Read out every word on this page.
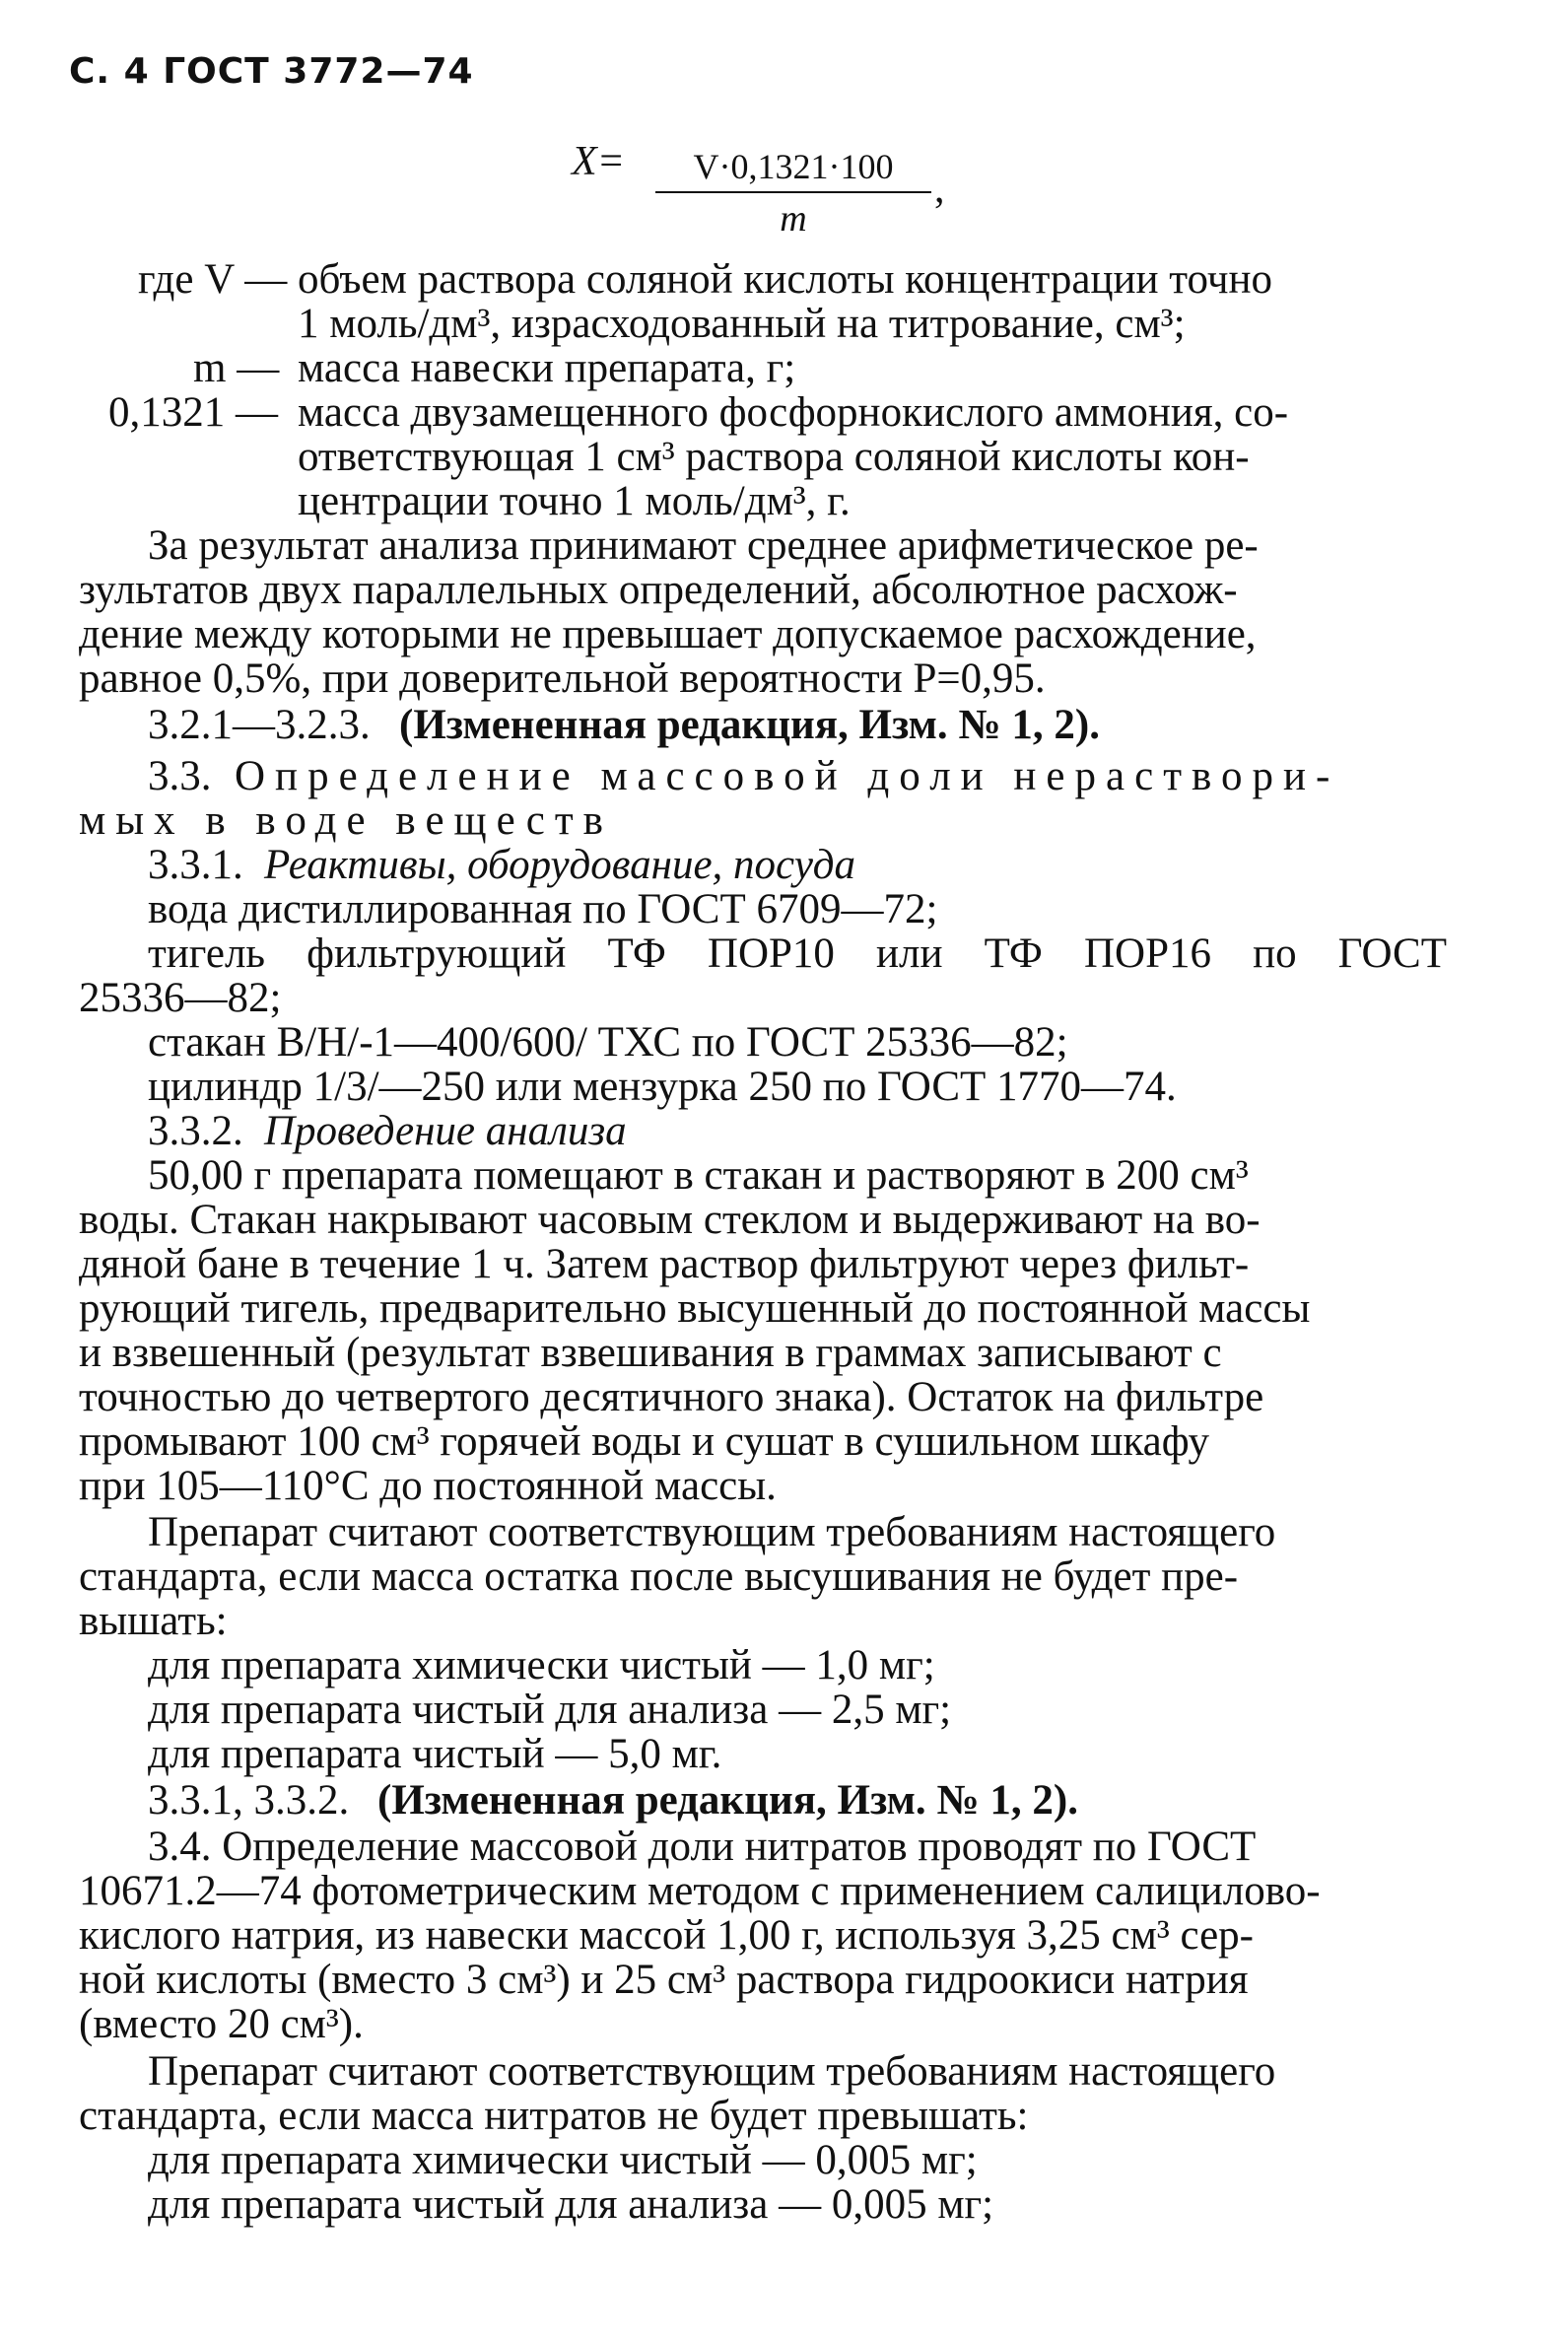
С. 4 ГОСТ 3772—74
X=	V·0,1321·100
m
,
где V — объем раствора соляной кислоты концентрации точно
1 моль/дм³, израсходованный на титрование, см³;
m — масса навески препарата, г;
0,1321 — масса двузамещенного фосфорнокислого аммония, со-
ответствующая 1 см³ раствора соляной кислоты кон-
центрации точно 1 моль/дм³, г.
За результат анализа принимают среднее арифметическое ре-
зультатов двух параллельных определений, абсолютное расхож-
дение между которыми не превышает допускаемое расхождение,
равное 0,5%, при доверительной вероятности P=0,95.
3.2.1—3.2.3. (Измененная редакция, Изм. № 1, 2).
3.3. Определение массовой доли нераствори-
мых в воде веществ
3.3.1. Реактивы, оборудование, посуда
вода дистиллированная по ГОСТ 6709—72;
тигель фильтрующий ТФ ПОР10 или ТФ ПОР16 по ГОСТ
25336—82;
стакан В/Н/-1—400/600/ ТХС по ГОСТ 25336—82;
цилиндр 1/3/—250 или мензурка 250 по ГОСТ 1770—74.
3.3.2. Проведение анализа
50,00 г препарата помещают в стакан и растворяют в 200 см³
воды. Стакан накрывают часовым стеклом и выдерживают на во-
дяной бане в течение 1 ч. Затем раствор фильтруют через фильт-
рующий тигель, предварительно высушенный до постоянной массы
и взвешенный (результат взвешивания в граммах записывают с
точностью до четвертого десятичного знака). Остаток на фильтре
промывают 100 см³ горячей воды и сушат в сушильном шкафу
при 105—110°С до постоянной массы.
Препарат считают соответствующим требованиям настоящего
стандарта, если масса остатка после высушивания не будет пре-
вышать:
для препарата химически чистый — 1,0 мг;
для препарата чистый для анализа — 2,5 мг;
для препарата чистый — 5,0 мг.
3.3.1, 3.3.2. (Измененная редакция, Изм. № 1, 2).
3.4. Определение массовой доли нитратов проводят по ГОСТ
10671.2—74 фотометрическим методом с применением салицилово-
кислого натрия, из навески массой 1,00 г, используя 3,25 см³ сер-
ной кислоты (вместо 3 см³) и 25 см³ раствора гидроокиси натрия
(вместо 20 см³).
Препарат считают соответствующим требованиям настоящего
стандарта, если масса нитратов не будет превышать:
для препарата химически чистый — 0,005 мг;
для препарата чистый для анализа — 0,005 мг;
